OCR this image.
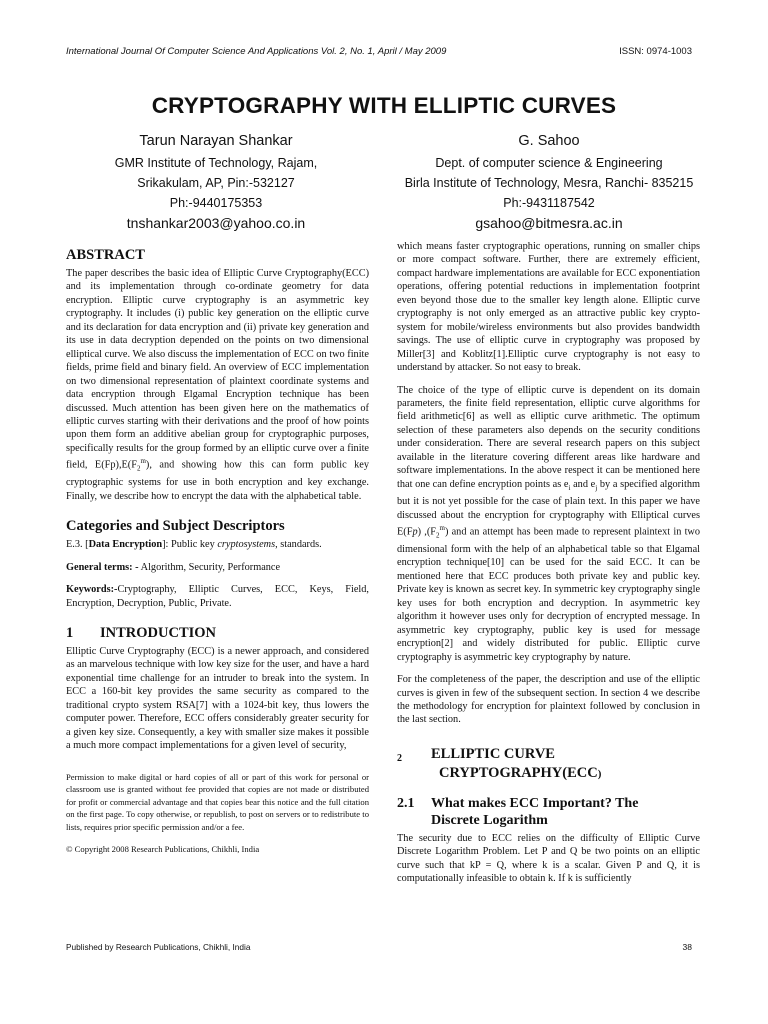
International Journal Of Computer Science And Applications Vol. 2, No. 1, April / May 2009	ISSN: 0974-1003
CRYPTOGRAPHY WITH ELLIPTIC CURVES
Tarun Narayan Shankar
GMR Institute of Technology, Rajam,
Srikakulam, AP, Pin:-532127
Ph:-9440175353
tnshankar2003@yahoo.co.in
G. Sahoo
Dept. of computer science & Engineering
Birla Institute of Technology, Mesra, Ranchi- 835215
Ph:-9431187542
gsahoo@bitmesra.ac.in
ABSTRACT

The paper describes the basic idea of Elliptic Curve Cryptography(ECC) and its implementation through co-ordinate geometry for data encryption. Elliptic curve cryptography is an asymmetric key cryptography. It includes (i) public key generation on the elliptic curve and its declaration for data encryption and (ii) private key generation and its use in data decryption depended on the points on two dimensional elliptical curve. We also discuss the implementation of ECC on two finite fields, prime field and binary field. An overview of ECC implementation on two dimensional representation of plaintext coordinate systems and data encryption through Elgamal Encryption technique has been discussed. Much attention has been given here on the mathematics of elliptic curves starting with their derivations and the proof of how points upon them form an additive abelian group for cryptographic purposes, specifically results for the group formed by an elliptic curve over a finite field, $E(Fp),E(F_2^m)$, and showing how this can form public key cryptographic systems for use in both encryption and key exchange. Finally, we describe how to encrypt the data with the alphabetical table.

Categories and Subject Descriptors

E.3. [Data Encryption]: Public key cryptosystems, standards.

General terms: - Algorithm, Security, Performance

Keywords:-Cryptography, Elliptic Curves, ECC, Keys, Field, Encryption, Decryption, Public, Private.

1 INTRODUCTION

Elliptic Curve Cryptography (ECC) is a newer approach, and considered as an marvelous technique with low key size for the user, and have a hard exponential time challenge for an intruder to break into the system. In ECC a 160-bit key provides the same security as compared to the traditional crypto system RSA[7] with a 1024-bit key, thus lowers the computer power. Therefore, ECC offers considerably greater security for a given key size. Consequently, a key with smaller size makes it possible a much more compact implementations for a given level of security,

Permission to make digital or hard copies of all or part of this work for personal or classroom use is granted without fee provided that copies are not made or distributed for profit or commercial advantage and that copies bear this notice and the full citation on the first page. To copy otherwise, or republish, to post on servers or to redistribute to lists, requires prior specific permission and/or a fee.

© Copyright 2008 Research Publications, Chikhli, India

which means faster cryptographic operations, running on smaller chips or more compact software. Further, there are extremely efficient, compact hardware implementations are available for ECC exponentiation operations, offering potential reductions in implementation footprint even beyond those due to the smaller key length alone. Elliptic curve cryptography is not only emerged as an attractive public key crypto-system for mobile/wireless environments but also provides bandwidth savings. The use of elliptic curve in cryptography was proposed by Miller[3] and Koblitz[1].Elliptic curve cryptography is not easy to understand by attacker. So not easy to break.

The choice of the type of elliptic curve is dependent on its domain parameters, the finite field representation, elliptic curve algorithms for field arithmetic[6] as well as elliptic curve arithmetic. The optimum selection of these parameters also depends on the security conditions under consideration. There are several research papers on this subject available in the literature covering different areas like hardware and software implementations. In the above respect it can be mentioned here that one can define encryption points as $e_i$ and $e_j$ by a specified algorithm but it is not yet possible for the case of plain text. In this paper we have discussed about the encryption for cryptography with Elliptical curves E(Fp) $,(F_2^m)$ and an attempt has been made to represent plaintext in two dimensional form with the help of an alphabetical table so that Elgamal encryption technique[10] can be used for the said ECC. It can be mentioned here that ECC produces both private key and public key. Private key is known as secret key. In symmetric key cryptography single key uses for both encryption and decryption. In asymmetric key algorithm it however uses only for decryption of encrypted message. In asymmetric key cryptography, public key is used for message encryption[2] and widely distributed for public. Elliptic curve cryptography is asymmetric key cryptography by nature.

For the completeness of the paper, the description and use of the elliptic curves is given in few of the subsequent section. In section 4 we describe the methodology for encryption for plaintext followed by conclusion in the last section.

2 ELLIPTIC CURVE
CRYPTOGRAPHY(ECC)
2.1 What makes ECC Important? The
Discrete Logarithm

The security due to ECC relies on the difficulty of Elliptic Curve Discrete Logarithm Problem. Let P and Q be two points on an elliptic curve such that kP = Q, where k is a scalar. Given P and Q, it is computationally infeasible to obtain k. If k is sufficiently

Published by Research Publications, Chikhli, India	38
